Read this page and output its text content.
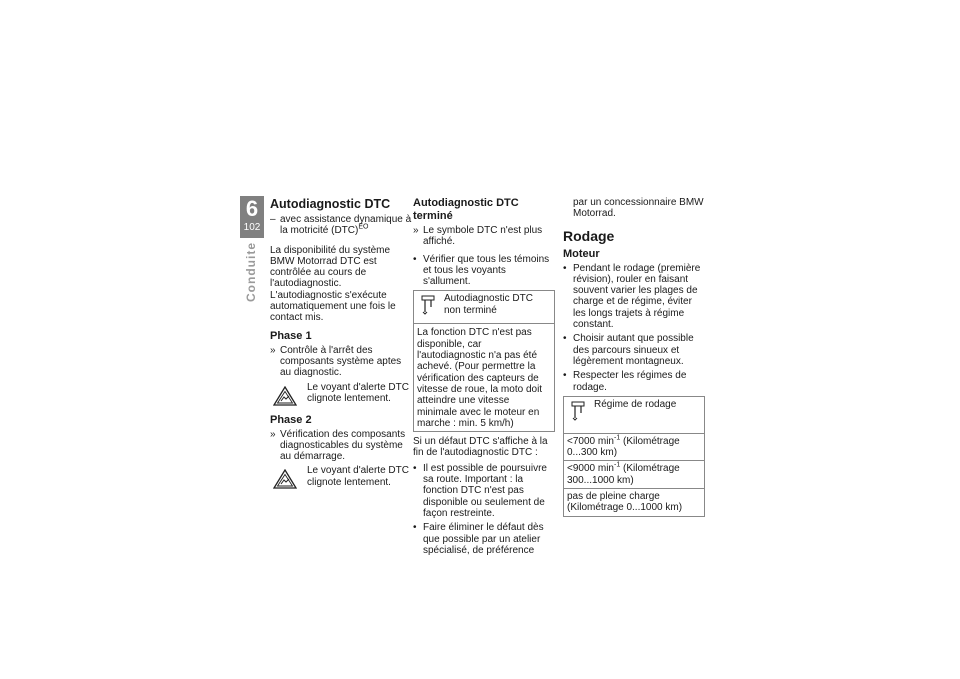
6
102
Conduite
Autodiagnostic DTC
– avec assistance dynamique à la motricité (DTC)$^{EO}$

La disponibilité du système BMW Motorrad DTC est contrôlée au cours de l'autodiagnostic. L'autodiagnostic s'exécute automatiquement une fois le contact mis.

Phase 1
» Contrôle à l'arrêt des composants système aptes au diagnostic.
Le voyant d'alerte DTC clignote lentement.
Phase 2
» Vérification des composants diagnosticables du système au démarrage.
Le voyant d'alerte DTC clignote lentement.
Autodiagnostic DTC terminé
» Le symbole DTC n'est plus affiché.
• Vérifier que tous les témoins et tous les voyants s'allument.
Autodiagnostic DTC non terminé
La fonction DTC n'est pas disponible, car l'autodiagnostic n'a pas été achevé. (Pour permettre la vérification des capteurs de vitesse de roue, la moto doit atteindre une vitesse minimale avec le moteur en marche : min. 5 km/h)

Si un défaut DTC s'affiche à la fin de l'autodiagnostic DTC :

• Il est possible de poursuivre sa route. Important : la fonction DTC n'est pas disponible ou seulement de façon restreinte.
• Faire éliminer le défaut dès que possible par un atelier spécialisé, de préférence

par un concessionnaire BMW Motorrad.

Rodage
Moteur
• Pendant le rodage (première révision), rouler en faisant souvent varier les plages de charge et de régime, éviter les longs trajets à régime constant.
• Choisir autant que possible des parcours sinueux et légèrement montagneux.
• Respecter les régimes de rodage.
Régime de rodage
<7000 $\min^{-1}$ (Kilométrage 0...300 km)
<9000 $\min^{-1}$ (Kilométrage 300...1000 km)
pas de pleine charge (Kilométrage 0...1000 km)
